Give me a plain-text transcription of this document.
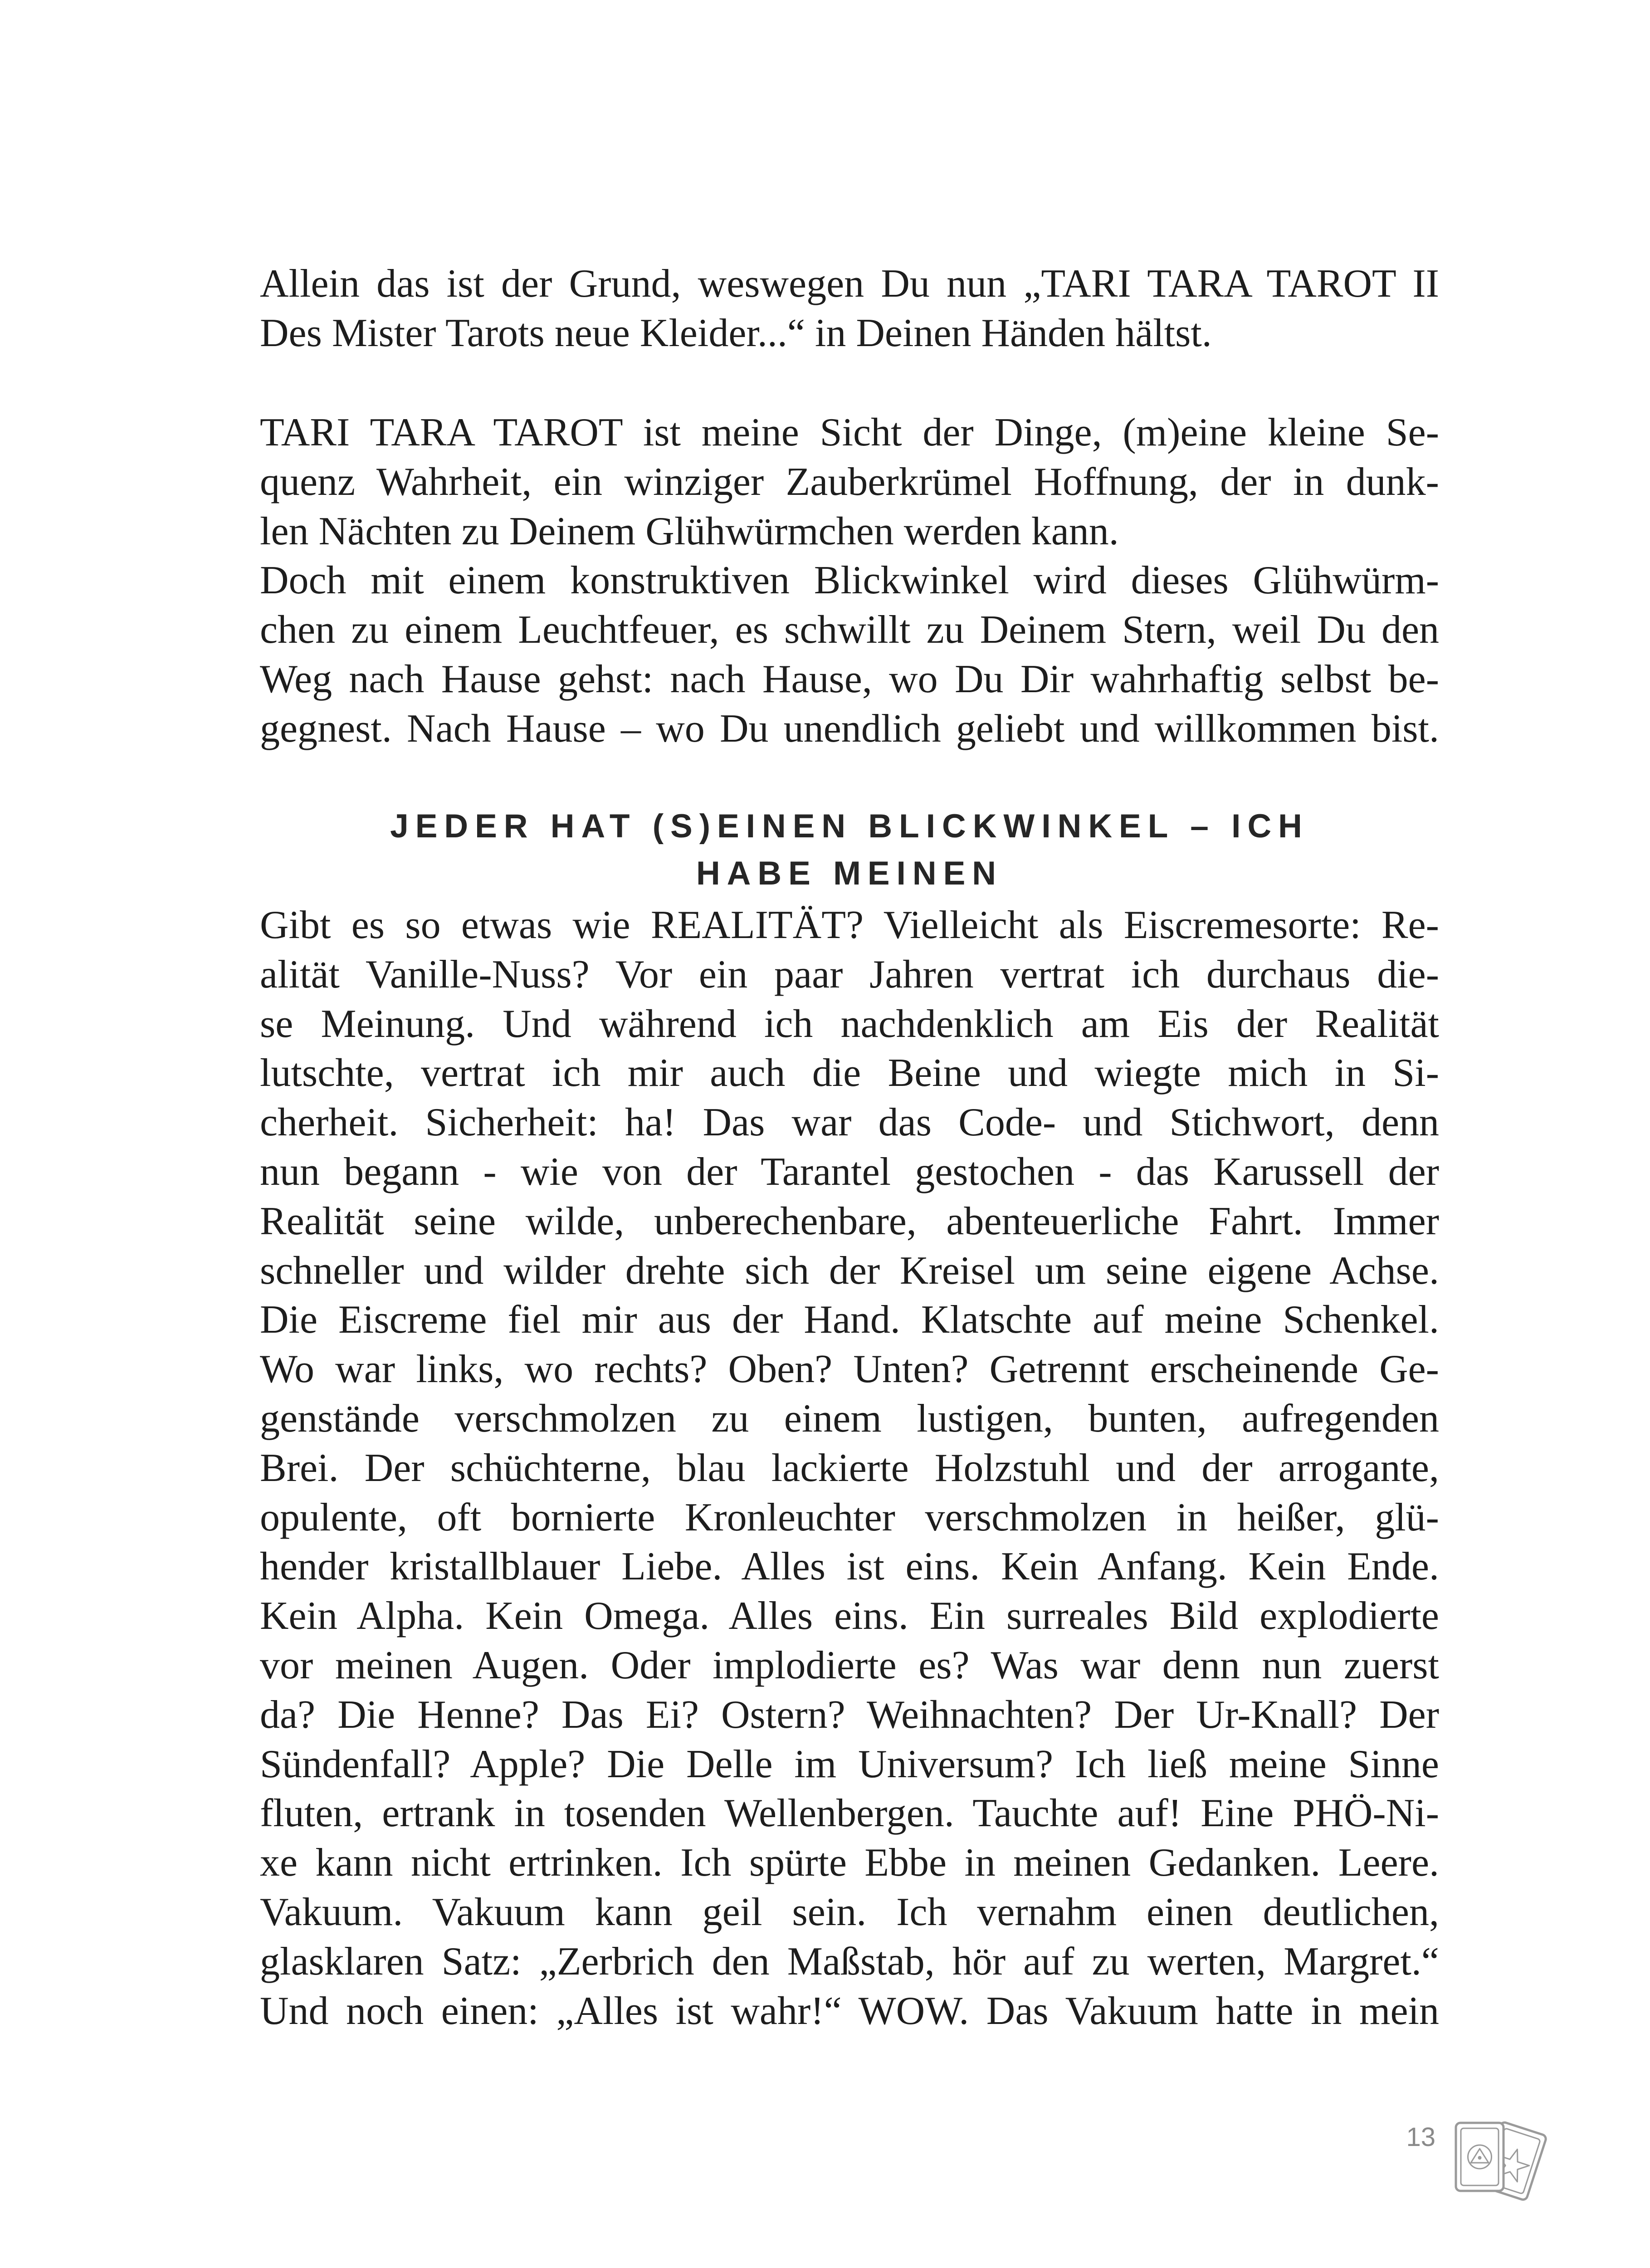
Allein das ist der Grund, weswegen Du nun „TARI TARA TAROT II
Des Mister Tarots neue Kleider...“ in Deinen Händen hältst.
TARI TARA TAROT ist meine Sicht der Dinge, (m)eine kleine Se-
quenz Wahrheit, ein winziger Zauberkrümel Hoffnung, der in dunk-
len Nächten zu Deinem Glühwürmchen werden kann.
Doch mit einem konstruktiven Blickwinkel wird dieses Glühwürm-
chen zu einem Leuchtfeuer, es schwillt zu Deinem Stern, weil Du den
Weg nach Hause gehst: nach Hause, wo Du Dir wahrhaftig selbst be-
gegnest. Nach Hause – wo Du unendlich geliebt und willkommen bist.
JEDER HAT (S)EINEN BLICKWINKEL – ICH
HABE MEINEN
Gibt es so etwas wie REALITÄT? Vielleicht als Eiscremesorte: Re-
alität Vanille-Nuss? Vor ein paar Jahren vertrat ich durchaus die-
se Meinung. Und während ich nachdenklich am Eis der Realität
lutschte, vertrat ich mir auch die Beine und wiegte mich in Si-
cherheit. Sicherheit: ha! Das war das Code- und Stichwort, denn
nun begann - wie von der Tarantel gestochen - das Karussell der
Realität seine wilde, unberechenbare, abenteuerliche Fahrt. Immer
schneller und wilder drehte sich der Kreisel um seine eigene Achse.
Die Eiscreme fiel mir aus der Hand. Klatschte auf meine Schenkel.
Wo war links, wo rechts? Oben? Unten? Getrennt erscheinende Ge-
genstände verschmolzen zu einem lustigen, bunten, aufregenden
Brei. Der schüchterne, blau lackierte Holzstuhl und der arrogante,
opulente, oft bornierte Kronleuchter verschmolzen in heißer, glü-
hender kristallblauer Liebe. Alles ist eins. Kein Anfang. Kein Ende.
Kein Alpha. Kein Omega. Alles eins. Ein surreales Bild explodierte
vor meinen Augen. Oder implodierte es? Was war denn nun zuerst
da? Die Henne? Das Ei? Ostern? Weihnachten? Der Ur-Knall? Der
Sündenfall? Apple? Die Delle im Universum? Ich ließ meine Sinne
fluten, ertrank in tosenden Wellenbergen. Tauchte auf! Eine PHÖ-Ni-
xe kann nicht ertrinken. Ich spürte Ebbe in meinen Gedanken. Leere.
Vakuum. Vakuum kann geil sein. Ich vernahm einen deutlichen,
glasklaren Satz: „Zerbrich den Maßstab, hör auf zu werten, Margret.“
Und noch einen: „Alles ist wahr!“ WOW. Das Vakuum hatte in mein
13
